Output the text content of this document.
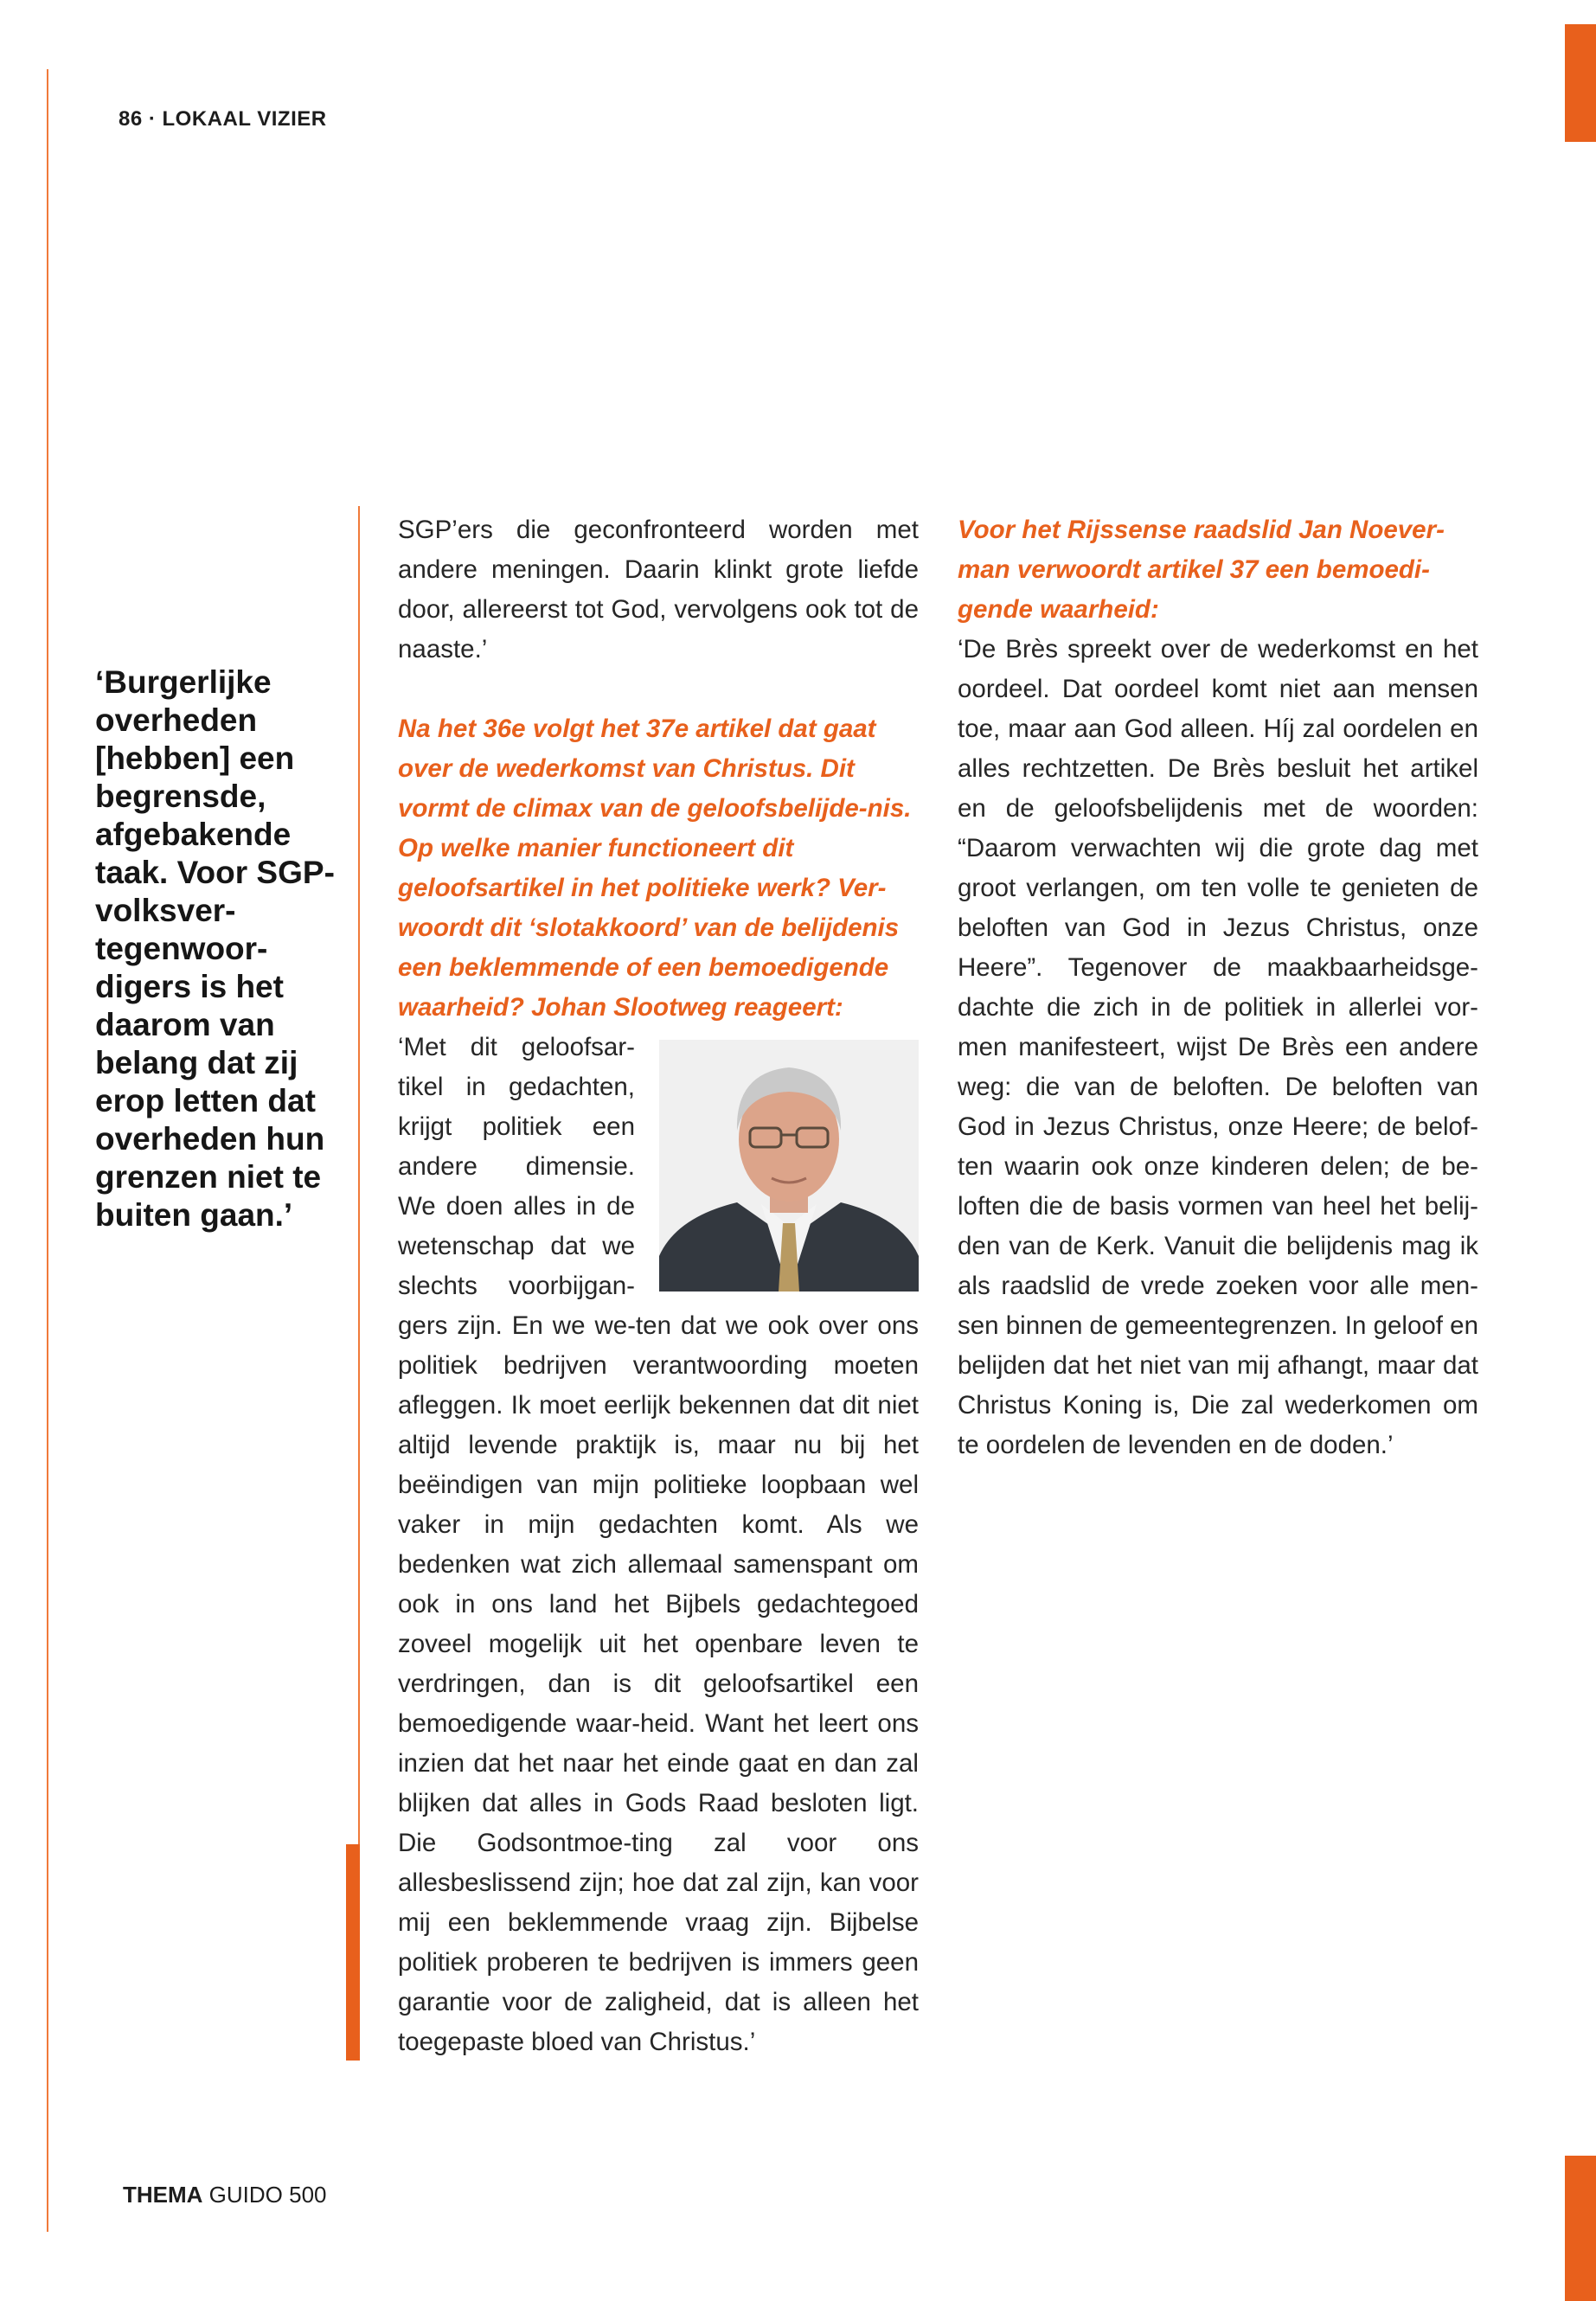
86 · LOKAAL VIZIER
‘Burgerlijke overheden [hebben] een begrensde, afgebakende taak. Voor SGP-volksver-tegenwoor-digers is het daarom van belang dat zij erop letten dat overheden hun grenzen niet te buiten gaan.’

SGP’ers die geconfronteerd worden met andere meningen. Daarin klinkt grote liefde door, allereerst tot God, vervolgens ook tot de naaste.’

Na het 36e volgt het 37e artikel dat gaat over de wederkomst van Christus. Dit vormt de climax van de geloofsbelijde-nis. Op welke manier functioneert dit geloofsartikel in het politieke werk? Ver-woordt dit ‘slotakkoord’ van de belijdenis een beklemmende of een bemoedigende waarheid? Johan Slootweg reageert:

‘Met dit geloofsar-tikel in gedachten, krijgt politiek een andere dimensie. We doen alles in de wetenschap dat we slechts voorbijgan-gers zijn. En we we-ten dat we ook over ons politiek bedrijven verantwoording moeten afleggen. Ik moet eerlijk bekennen dat dit niet altijd levende praktijk is, maar nu bij het beëindigen van mijn politieke loopbaan wel vaker in mijn gedachten komt. Als we bedenken wat zich allemaal samenspant om ook in ons land het Bijbels gedachtegoed zoveel mogelijk uit het openbare leven te verdringen, dan is dit geloofsartikel een bemoedigende waar-heid. Want het leert ons inzien dat het naar het einde gaat en dan zal blijken dat alles in Gods Raad besloten ligt. Die Godsontmoe-ting zal voor ons allesbeslissend zijn; hoe dat zal zijn, kan voor mij een beklemmende vraag zijn. Bijbelse politiek proberen te bedrijven is immers geen garantie voor de zaligheid, dat is alleen het toegepaste bloed van Christus.’

Voor het Rijssense raadslid Jan Noever-man verwoordt artikel 37 een bemoedi-gende waarheid:

‘De Brès spreekt over de wederkomst en het oordeel. Dat oordeel komt niet aan mensen toe, maar aan God alleen. Híj zal oordelen en alles rechtzetten. De Brès besluit het artikel en de geloofsbelijdenis met de woorden: “Daarom verwachten wij die grote dag met groot verlangen, om ten volle te genieten de beloften van God in Jezus Christus, onze Heere”. Tegenover de maakbaarheidsge-dachte die zich in de politiek in allerlei vor-men manifesteert, wijst De Brès een andere weg: die van de beloften. De beloften van God in Jezus Christus, onze Heere; de belof-ten waarin ook onze kinderen delen; de be-loften die de basis vormen van heel het belij-den van de Kerk. Vanuit die belijdenis mag ik als raadslid de vrede zoeken voor alle men-sen binnen de gemeentegrenzen. In geloof en belijden dat het niet van mij afhangt, maar dat Christus Koning is, Die zal wederkomen om te oordelen de levenden en de doden.’

THEMA GUIDO 500
